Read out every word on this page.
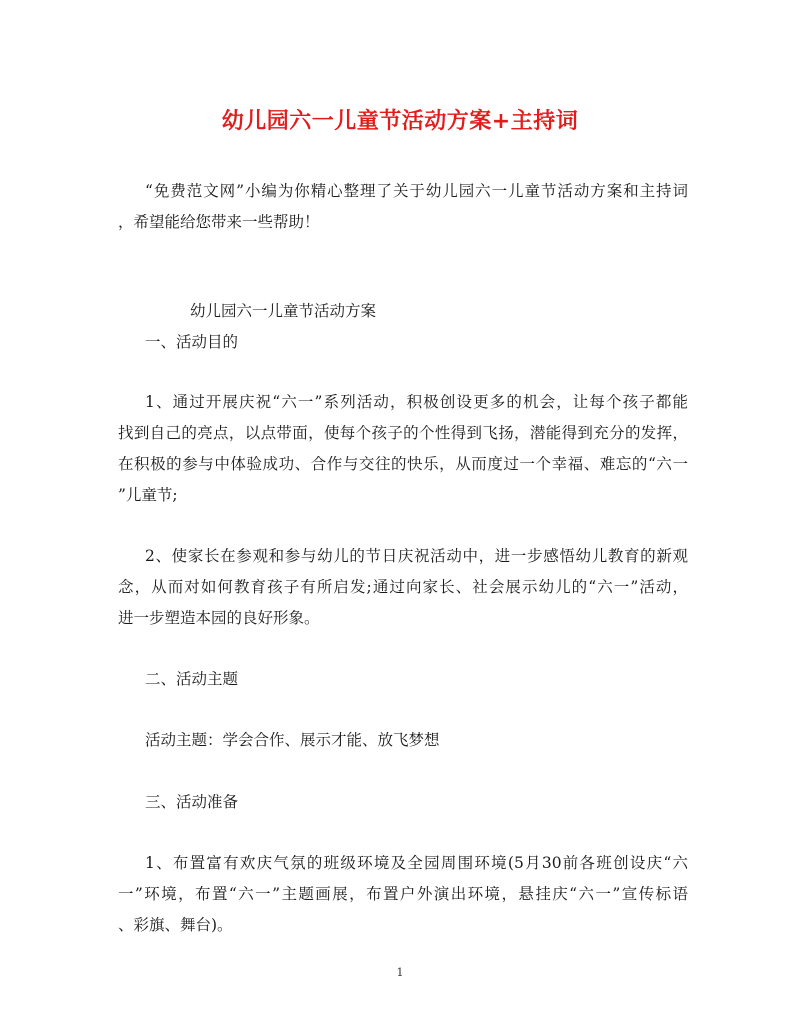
幼儿园六一儿童节活动方案+主持词
“免费范文网”小编为你精心整理了关于幼儿园六一儿童节活动方案和主持词
，希望能给您带来一些帮助！
幼儿园六一儿童节活动方案
一、活动目的
1、通过开展庆祝“六一”系列活动，积极创设更多的机会，让每个孩子都能
找到自己的亮点，以点带面，使每个孩子的个性得到飞扬，潜能得到充分的发挥，
在积极的参与中体验成功、合作与交往的快乐，从而度过一个幸福、难忘的“六一
”儿童节;
2、使家长在参观和参与幼儿的节日庆祝活动中，进一步感悟幼儿教育的新观
念，从而对如何教育孩子有所启发;通过向家长、社会展示幼儿的“六一”活动，
进一步塑造本园的良好形象。
二、活动主题
活动主题：学会合作、展示才能、放飞梦想
三、活动准备
1、布置富有欢庆气氛的班级环境及全园周围环境(5月30前各班创设庆“六
一”环境，布置“六一”主题画展，布置户外演出环境，悬挂庆“六一”宣传标语
、彩旗、舞台)。
1
